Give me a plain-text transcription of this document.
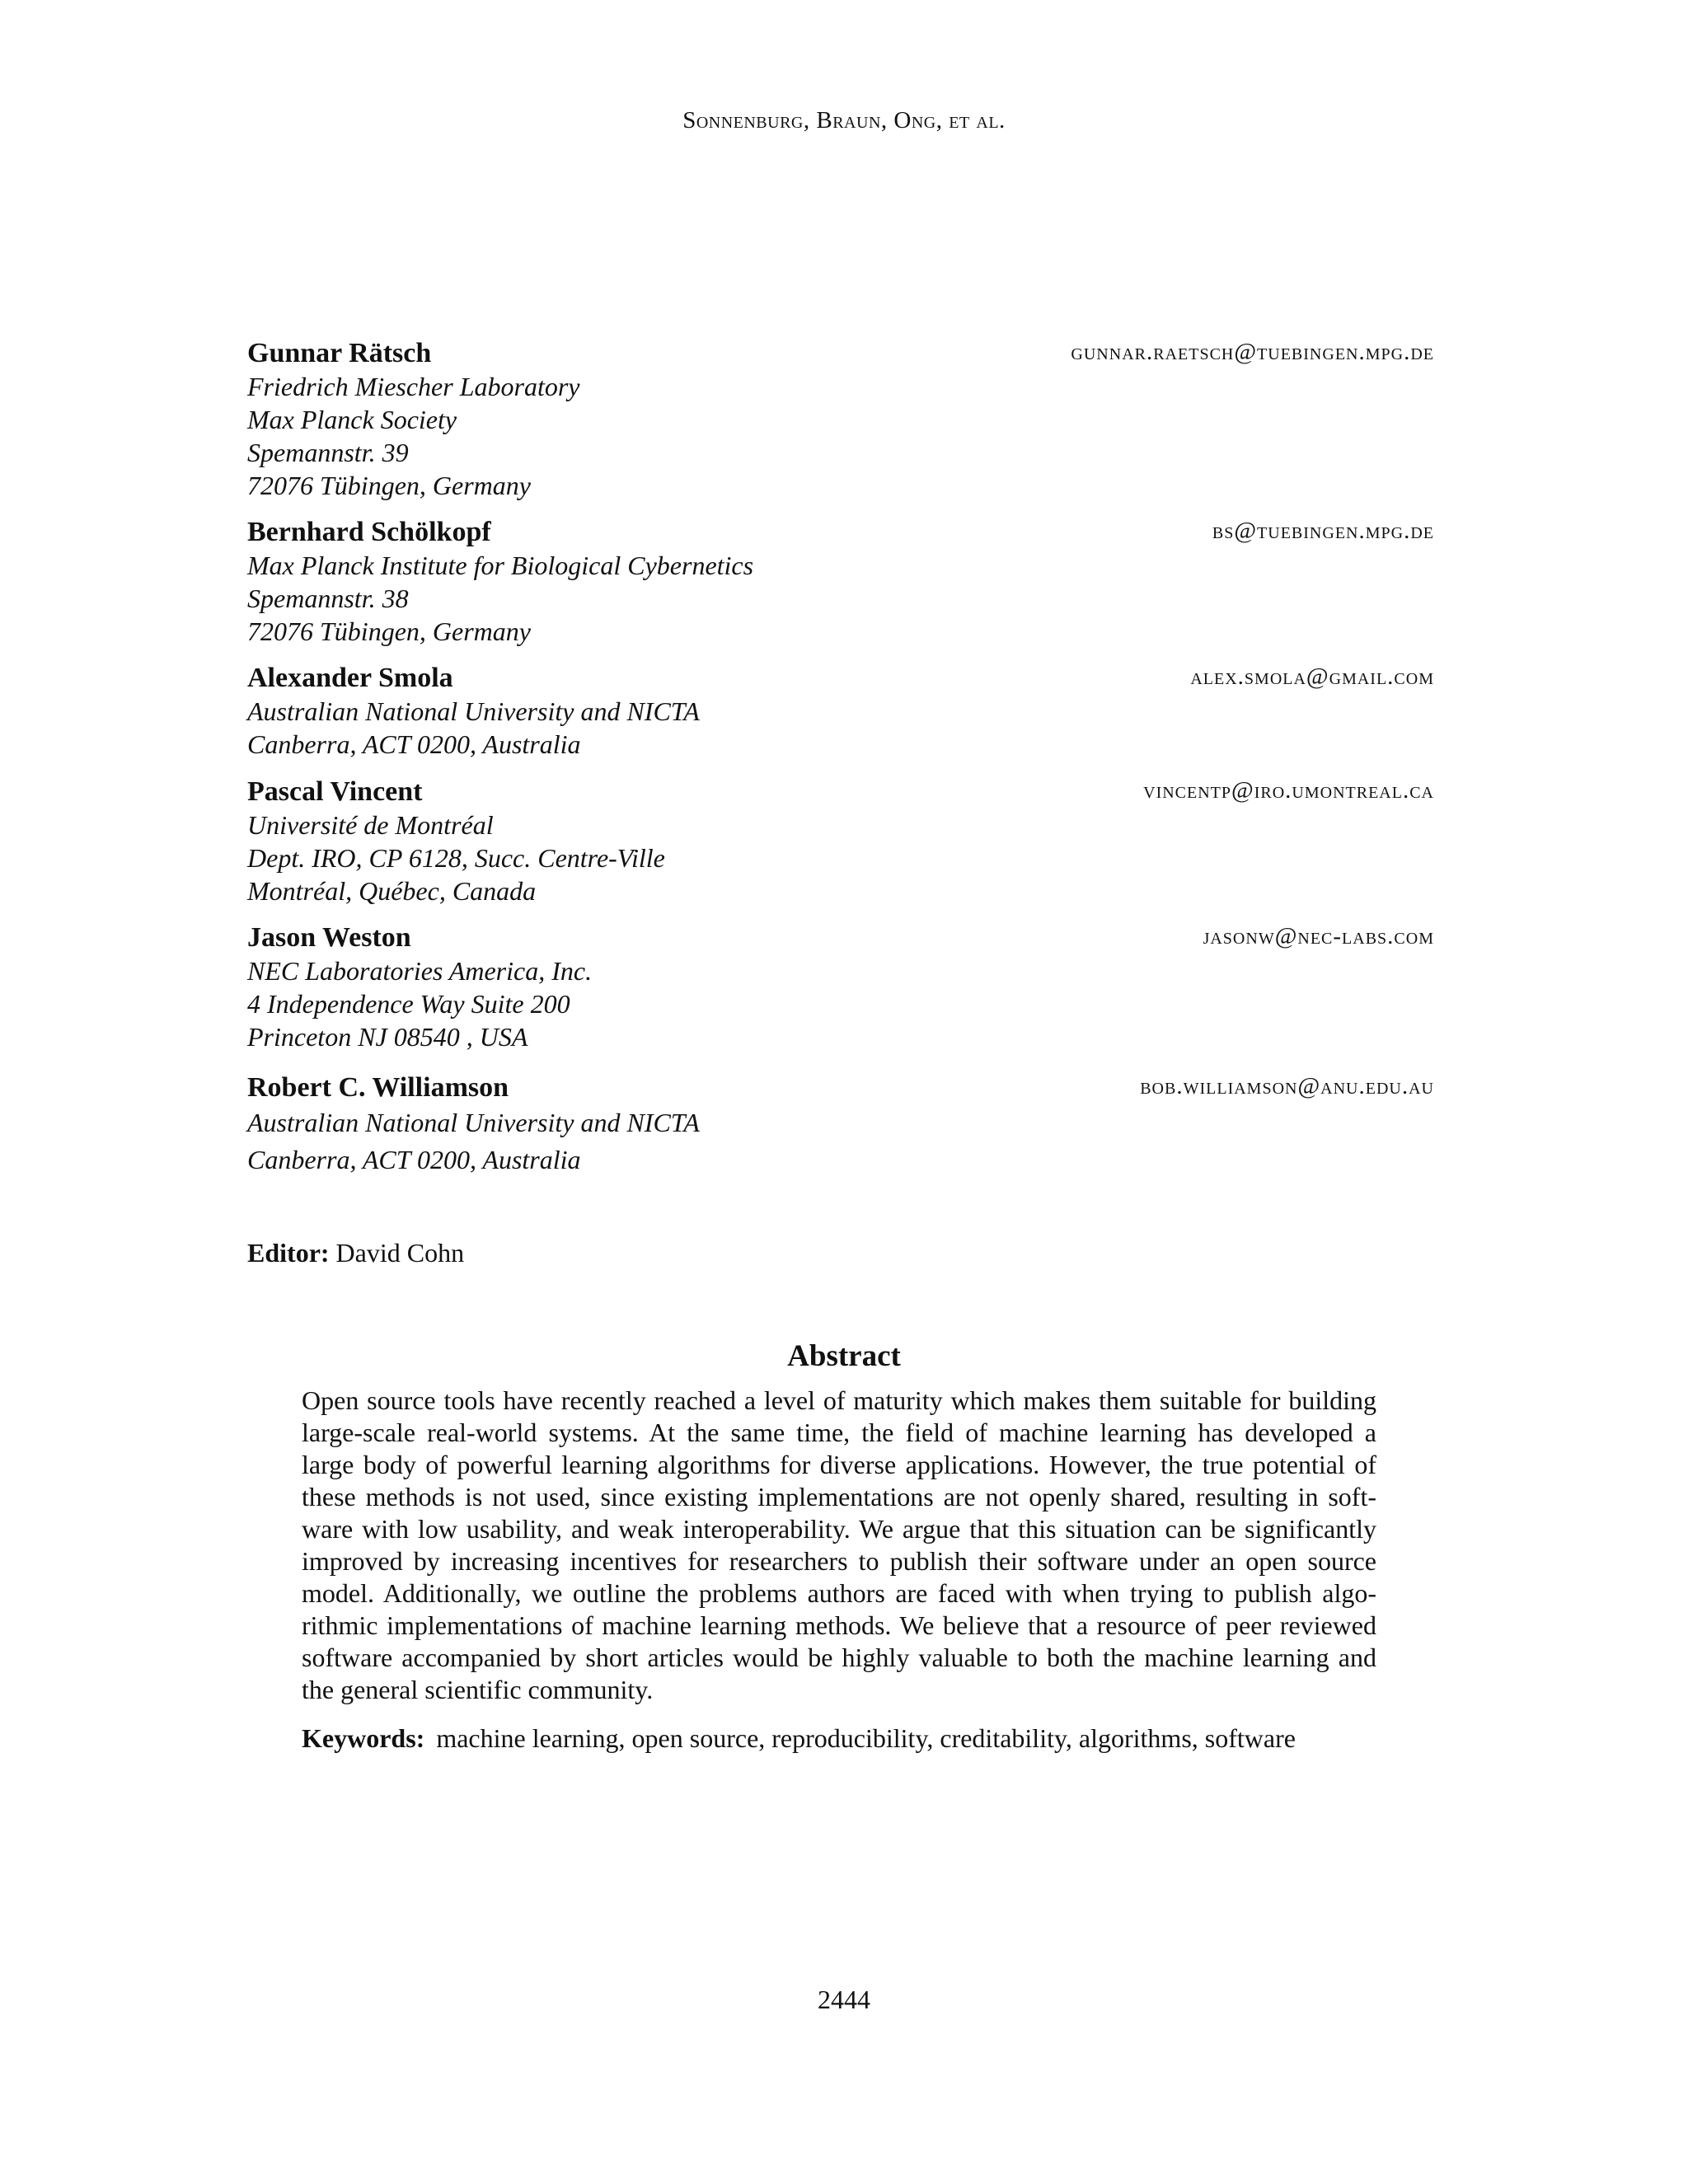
Sonnenburg, Braun, Ong, et al.
Gunnar Rätsch	gunnar.raetsch@tuebingen.mpg.de
Friedrich Miescher Laboratory
Max Planck Society
Spemannstr. 39
72076 Tübingen, Germany
Bernhard Schölkopf	bs@tuebingen.mpg.de
Max Planck Institute for Biological Cybernetics
Spemannstr. 38
72076 Tübingen, Germany
Alexander Smola	alex.smola@gmail.com
Australian National University and NICTA
Canberra, ACT 0200, Australia
Pascal Vincent	vincentp@iro.umontreal.ca
Université de Montréal
Dept. IRO, CP 6128, Succ. Centre-Ville
Montréal, Québec, Canada
Jason Weston	jasonw@nec-labs.com
NEC Laboratories America, Inc.
4 Independence Way Suite 200
Princeton NJ 08540 , USA
Robert C. Williamson	bob.williamson@anu.edu.au
Australian National University and NICTA
Canberra, ACT 0200, Australia
Editor: David Cohn
Abstract
Open source tools have recently reached a level of maturity which makes them suitable for building
large-scale real-world systems. At the same time, the field of machine learning has developed a
large body of powerful learning algorithms for diverse applications. However, the true potential of
these methods is not used, since existing implementations are not openly shared, resulting in soft-
ware with low usability, and weak interoperability. We argue that this situation can be significantly
improved by increasing incentives for researchers to publish their software under an open source
model. Additionally, we outline the problems authors are faced with when trying to publish algo-
rithmic implementations of machine learning methods. We believe that a resource of peer reviewed
software accompanied by short articles would be highly valuable to both the machine learning and
the general scientific community.
Keywords: machine learning, open source, reproducibility, creditability, algorithms, software
2444
